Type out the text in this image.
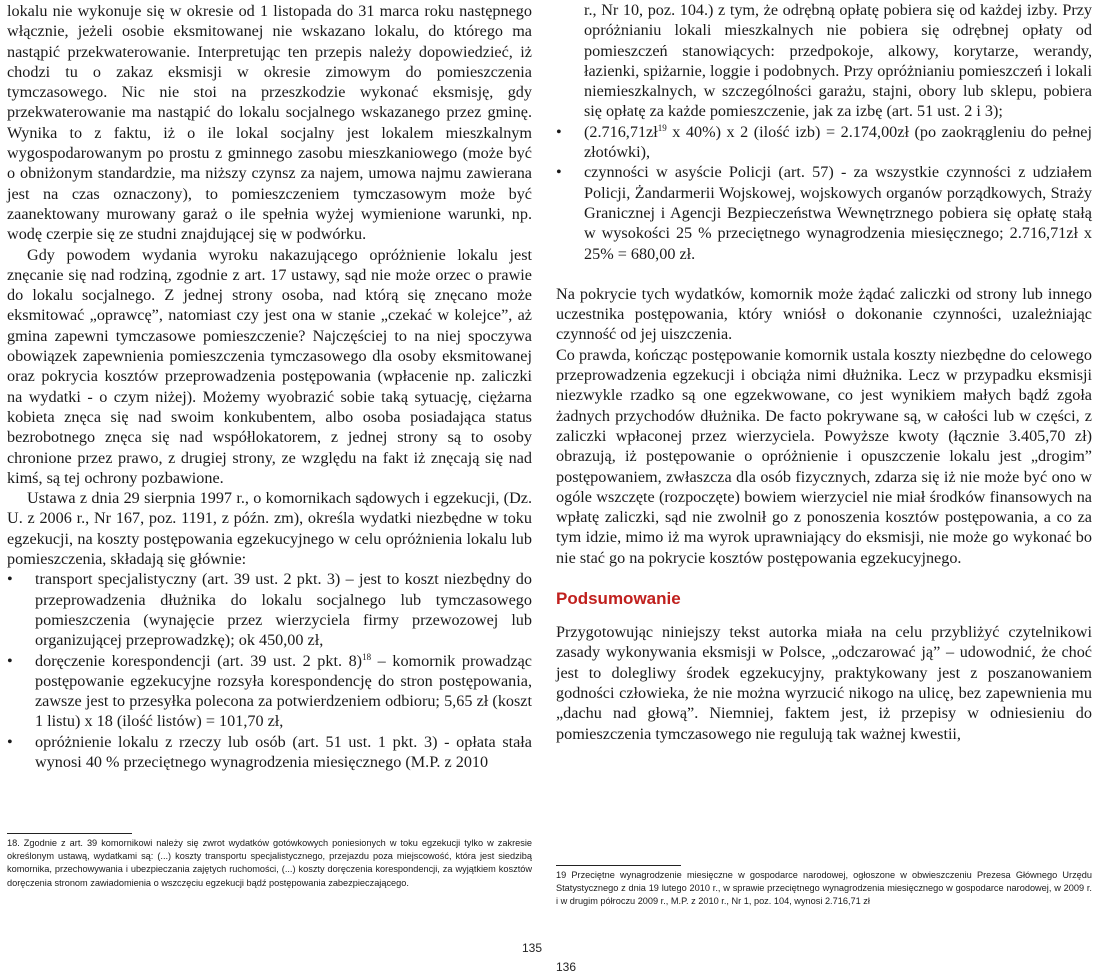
lokalu nie wykonuje się w okresie od 1 listopada do 31 marca roku następnego włącznie, jeżeli osobie eksmitowanej nie wskazano lokalu, do którego ma nastąpić przekwaterowanie. Interpretując ten przepis należy dopowiedzieć, iż chodzi tu o zakaz eksmisji w okresie zimowym do pomieszczenia tymczasowego. Nic nie stoi na przeszkodzie wykonać eksmisję, gdy przekwaterowanie ma nastąpić do lokalu socjalnego wskazanego przez gminę. Wynika to z faktu, iż o ile lokal socjalny jest lokalem mieszkalnym wygospodarowanym po prostu z gminnego zasobu mieszkaniowego (może być o obniżonym standardzie, ma niższy czynsz za najem, umowa najmu zawierana jest na czas oznaczony), to pomieszczeniem tymczasowym może być zaanektowany murowany garaż o ile spełnia wyżej wymienione warunki, np. wodę czerpie się ze studni znajdującej się w podwórku.

Gdy powodem wydania wyroku nakazującego opróżnienie lokalu jest znęcanie się nad rodziną, zgodnie z art. 17 ustawy, sąd nie może orzec o prawie do lokalu socjalnego. Z jednej strony osoba, nad którą się znęcano może eksmitować „oprawcę”, natomiast czy jest ona w stanie „czekać w kolejce”, aż gmina zapewni tymczasowe pomieszczenie? Najczęściej to na niej spoczywa obowiązek zapewnienia pomieszczenia tymczasowego dla osoby eksmitowanej oraz pokrycia kosztów przeprowadzenia postępowania (wpłacenie np. zaliczki na wydatki - o czym niżej). Możemy wyobrazić sobie taką sytuację, ciężarna kobieta znęca się nad swoim konkubentem, albo osoba posiadająca status bezrobotnego znęca się nad współlokatorem, z jednej strony są to osoby chronione przez prawo, z drugiej strony, ze względu na fakt iż znęcają się nad kimś, są tej ochrony pozbawione.

Ustawa z dnia 29 sierpnia 1997 r., o komornikach sądowych i egzekucji, (Dz. U. z 2006 r., Nr 167, poz. 1191, z późn. zm), określa wydatki niezbędne w toku egzekucji, na koszty postępowania egzekucyjnego w celu opróżnienia lokalu lub pomieszczenia, składają się głównie:

•	transport specjalistyczny (art. 39 ust. 2 pkt. 3) – jest to koszt niezbędny do przeprowadzenia dłużnika do lokalu socjalnego lub tymczasowego pomieszczenia (wynajęcie przez wierzyciela firmy przewozowej lub organizującej przeprowadzkę); ok 450,00 zł,
•	doręczenie korespondencji (art. 39 ust. 2 pkt. 8)$^{18}$ – komornik prowadząc postępowanie egzekucyjne rozsyła korespondencję do stron postępowania, zawsze jest to przesyłka polecona za potwierdzeniem odbioru; 5,65 zł (koszt 1 listu) x 18 (ilość listów) = 101,70 zł,
•	opróżnienie lokalu z rzeczy lub osób (art. 51 ust. 1 pkt. 3) - opłata stała wynosi 40 % przeciętnego wynagrodzenia miesięcznego (M.P. z 2010

18. Zgodnie z art. 39 komornikowi należy się zwrot wydatków gotówkowych poniesionych w toku egzekucji tylko w zakresie określonym ustawą, wydatkami są: (...) koszty transportu specjalistycznego, przejazdu poza miejscowość, która jest siedzibą komornika, przechowywania i ubezpieczania zajętych ruchomości, (...) koszty doręczenia korespondencji, za wyjątkiem kosztów doręczenia stronom zawiadomienia o wszczęciu egzekucji bądź postępowania zabezpieczającego.

135
r., Nr 10, poz. 104.) z tym, że odrębną opłatę pobiera się od każdej izby. Przy opróżnianiu lokali mieszkalnych nie pobiera się odrębnej opłaty od pomieszczeń stanowiących: przedpokoje, alkowy, korytarze, werandy, łazienki, spiżarnie, loggie i podobnych. Przy opróżnianiu pomieszczeń i lokali niemieszkalnych, w szczególności garażu, stajni, obory lub sklepu, pobiera się opłatę za każde pomieszczenie, jak za izbę (art. 51 ust. 2 i 3);
•	($2.716,71zł^{19}$ x 40%) x 2 (ilość izb) = 2.174,00zł (po zaokrągleniu do pełnej złotówki),
•	czynności w asyście Policji (art. 57) - za wszystkie czynności z udziałem Policji, Żandarmerii Wojskowej, wojskowych organów porządkowych, Straży Granicznej i Agencji Bezpieczeństwa Wewnętrznego pobiera się opłatę stałą w wysokości 25 % przeciętnego wynagrodzenia miesięcznego; 2.716,71zł x 25% = 680,00 zł.

Na pokrycie tych wydatków, komornik może żądać zaliczki od strony lub innego uczestnika postępowania, który wniósł o dokonanie czynności, uzależniając czynność od jej uiszczenia.

Co prawda, kończąc postępowanie komornik ustala koszty niezbędne do celowego przeprowadzenia egzekucji i obciąża nimi dłużnika. Lecz w przypadku eksmisji niezwykle rzadko są one egzekwowane, co jest wynikiem małych bądź zgoła żadnych przychodów dłużnika. De facto pokrywane są, w całości lub w części, z zaliczki wpłaconej przez wierzyciela. Powyższe kwoty (łącznie 3.405,70 zł) obrazują, iż postępowanie o opróżnienie i opuszczenie lokalu jest „drogim” postępowaniem, zwłaszcza dla osób fizycznych, zdarza się iż nie może być ono w ogóle wszczęte (rozpoczęte) bowiem wierzyciel nie miał środków finansowych na wpłatę zaliczki, sąd nie zwolnił go z ponoszenia kosztów postępowania, a co za tym idzie, mimo iż ma wyrok uprawniający do eksmisji, nie może go wykonać bo nie stać go na pokrycie kosztów postępowania egzekucyjnego.

Podsumowanie

Przygotowując niniejszy tekst autorka miała na celu przybliżyć czytelnikowi zasady wykonywania eksmisji w Polsce, „odczarować ją” – udowodnić, że choć jest to dolegliwy środek egzekucyjny, praktykowany jest z poszanowaniem godności człowieka, że nie można wyrzucić nikogo na ulicę, bez zapewnienia mu „dachu nad głową”. Niemniej, faktem jest, iż przepisy w odniesieniu do pomieszczenia tymczasowego nie regulują tak ważnej kwestii,

19 Przeciętne wynagrodzenie miesięczne w gospodarce narodowej, ogłoszone w obwieszczeniu Prezesa Głównego Urzędu Statystycznego z dnia 19 lutego 2010 r., w sprawie przeciętnego wynagrodzenia miesięcznego w gospodarce narodowej, w 2009 r. i w drugim półroczu 2009 r., M.P. z 2010 r., Nr 1, poz. 104, wynosi 2.716,71 zł

136
